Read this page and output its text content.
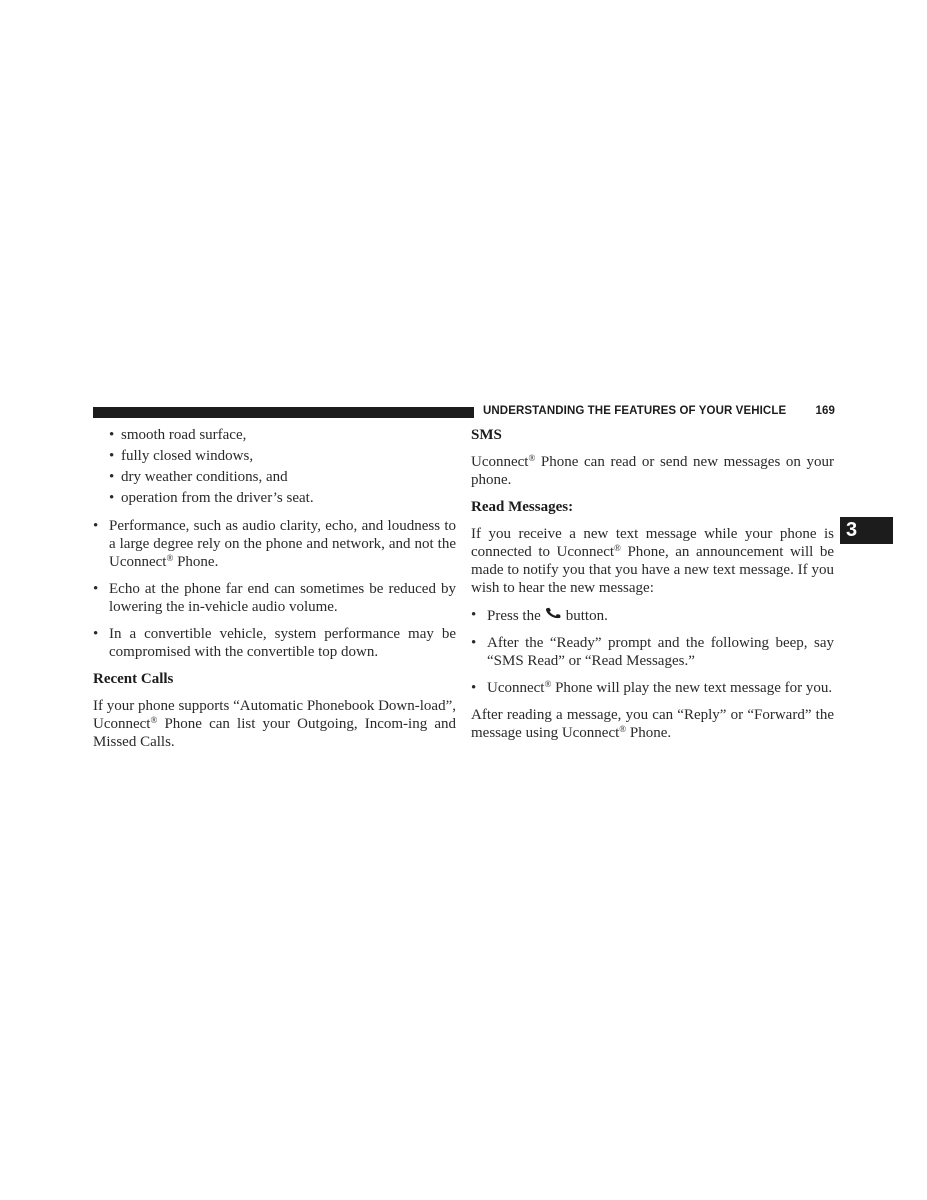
UNDERSTANDING THE FEATURES OF YOUR VEHICLE	169
3
• smooth road surface,
• fully closed windows,
• dry weather conditions, and
• operation from the driver’s seat.
• Performance, such as audio clarity, echo, and loudness to a large degree rely on the phone and network, and not the Uconnect® Phone.
• Echo at the phone far end can sometimes be reduced by lowering the in-vehicle audio volume.
• In a convertible vehicle, system performance may be compromised with the convertible top down.
Recent Calls

If your phone supports “Automatic Phonebook Down-load”, Uconnect® Phone can list your Outgoing, Incom-ing and Missed Calls.

SMS

Uconnect® Phone can read or send new messages on your phone.

Read Messages:

If you receive a new text message while your phone is connected to Uconnect® Phone, an announcement will be made to notify you that you have a new text message. If you wish to hear the new message:

• Press the button.
• After the “Ready” prompt and the following beep, say “SMS Read” or “Read Messages.”
• Uconnect® Phone will play the new text message for you.

After reading a message, you can “Reply” or “Forward” the message using Uconnect® Phone.
